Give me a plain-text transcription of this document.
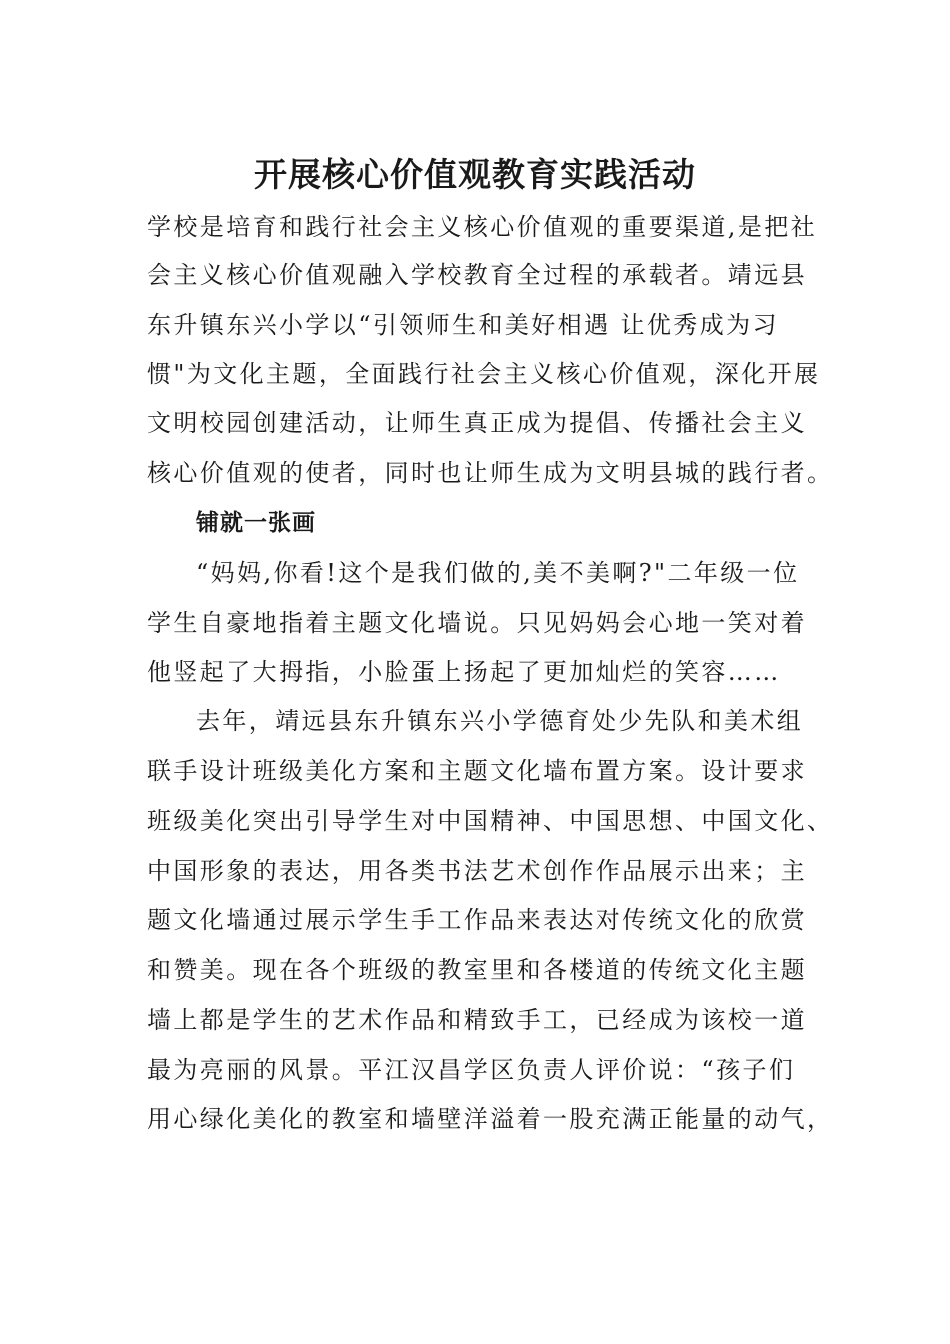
开展核心价值观教育实践活动
学校是培育和践行社会主义核心价值观的重要渠道,是把社
会主义核心价值观融入学校教育全过程的承载者。靖远县
东升镇东兴小学以“引领师生和美好相遇 让优秀成为习
惯"为文化主题，全面践行社会主义核心价值观，深化开展
文明校园创建活动，让师生真正成为提倡、传播社会主义
核心价值观的使者，同时也让师生成为文明县城的践行者。
铺就一张画
“妈妈,你看!这个是我们做的,美不美啊?"二年级一位
学生自豪地指着主题文化墙说。只见妈妈会心地一笑对着
他竖起了大拇指，小脸蛋上扬起了更加灿烂的笑容……
去年，靖远县东升镇东兴小学德育处少先队和美术组
联手设计班级美化方案和主题文化墙布置方案。设计要求
班级美化突出引导学生对中国精神、中国思想、中国文化、
中国形象的表达，用各类书法艺术创作作品展示出来；主
题文化墙通过展示学生手工作品来表达对传统文化的欣赏
和赞美。现在各个班级的教室里和各楼道的传统文化主题
墙上都是学生的艺术作品和精致手工，已经成为该校一道
最为亮丽的风景。平江汉昌学区负责人评价说：“孩子们
用心绿化美化的教室和墙壁洋溢着一股充满正能量的动气，
